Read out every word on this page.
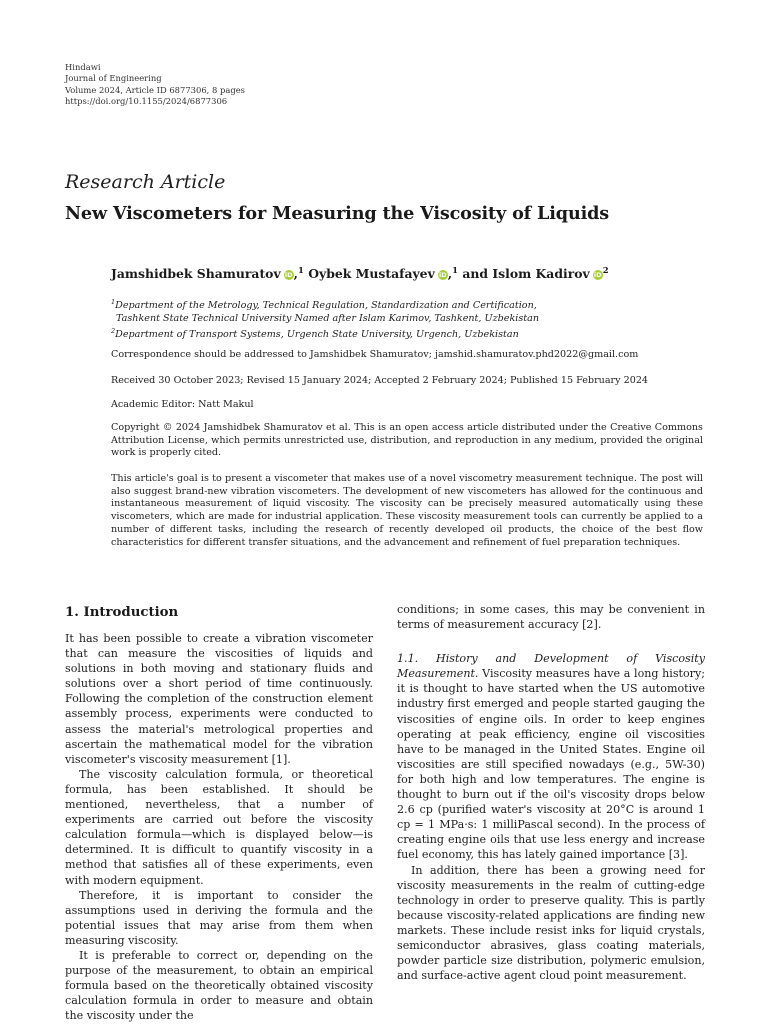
Hindawi
Journal of Engineering
Volume 2024, Article ID 6877306, 8 pages
https://doi.org/10.1155/2024/6877306
Research Article
New Viscometers for Measuring the Viscosity of Liquids
Jamshidbek Shamuratov iD,$^1$ Oybek Mustafayev iD,$^1$ and Islom Kadirov $iD^2$
$^1$Department of the Metrology, Technical Regulation, Standardization and Certification,
Tashkent State Technical University Named after Islam Karimov, Tashkent, Uzbekistan
$^2$Department of Transport Systems, Urgench State University, Urgench, Uzbekistan
Correspondence should be addressed to Jamshidbek Shamuratov; jamshid.shamuratov.phd2022@gmail.com
Received 30 October 2023; Revised 15 January 2024; Accepted 2 February 2024; Published 15 February 2024
Academic Editor: Natt Makul
Copyright © 2024 Jamshidbek Shamuratov et al. This is an open access article distributed under the Creative Commons Attribution License, which permits unrestricted use, distribution, and reproduction in any medium, provided the original work is properly cited.
This article's goal is to present a viscometer that makes use of a novel viscometry measurement technique. The post will also suggest brand-new vibration viscometers. The development of new viscometers has allowed for the continuous and instantaneous measurement of liquid viscosity. The viscosity can be precisely measured automatically using these viscometers, which are made for industrial application. These viscosity measurement tools can currently be applied to a number of different tasks, including the research of recently developed oil products, the choice of the best flow characteristics for different transfer situations, and the advancement and refinement of fuel preparation techniques.
1. Introduction

It has been possible to create a vibration viscometer that can measure the viscosities of liquids and solutions in both moving and stationary fluids and solutions over a short period of time continuously. Following the completion of the construction element assembly process, experiments were conducted to assess the material's metrological properties and ascertain the mathematical model for the vibration viscometer's viscosity measurement [1].

The viscosity calculation formula, or theoretical formula, has been established. It should be mentioned, nevertheless, that a number of experiments are carried out before the viscosity calculation formula—which is displayed below—is determined. It is difficult to quantify viscosity in a method that satisfies all of these experiments, even with modern equipment.

Therefore, it is important to consider the assumptions used in deriving the formula and the potential issues that may arise from them when measuring viscosity.

It is preferable to correct or, depending on the purpose of the measurement, to obtain an empirical formula based on the theoretically obtained viscosity calculation formula in order to measure and obtain the viscosity under the

conditions; in some cases, this may be convenient in terms of measurement accuracy [2].

1.1. History and Development of Viscosity Measurement. Viscosity measures have a long history; it is thought to have started when the US automotive industry first emerged and people started gauging the viscosities of engine oils. In order to keep engines operating at peak efficiency, engine oil viscosities have to be managed in the United States. Engine oil viscosities are still specified nowadays (e.g., 5W-30) for both high and low temperatures. The engine is thought to burn out if the oil's viscosity drops below 2.6 cp (purified water's viscosity at 20°C is around 1 cp = 1 MPa·s: 1 milliPascal second). In the process of creating engine oils that use less energy and increase fuel economy, this has lately gained importance [3].

In addition, there has been a growing need for viscosity measurements in the realm of cutting-edge technology in order to preserve quality. This is partly because viscosity-related applications are finding new markets. These include resist inks for liquid crystals, semiconductor abrasives, glass coating materials, powder particle size distribution, polymeric emulsion, and surface-active agent cloud point measurement.
